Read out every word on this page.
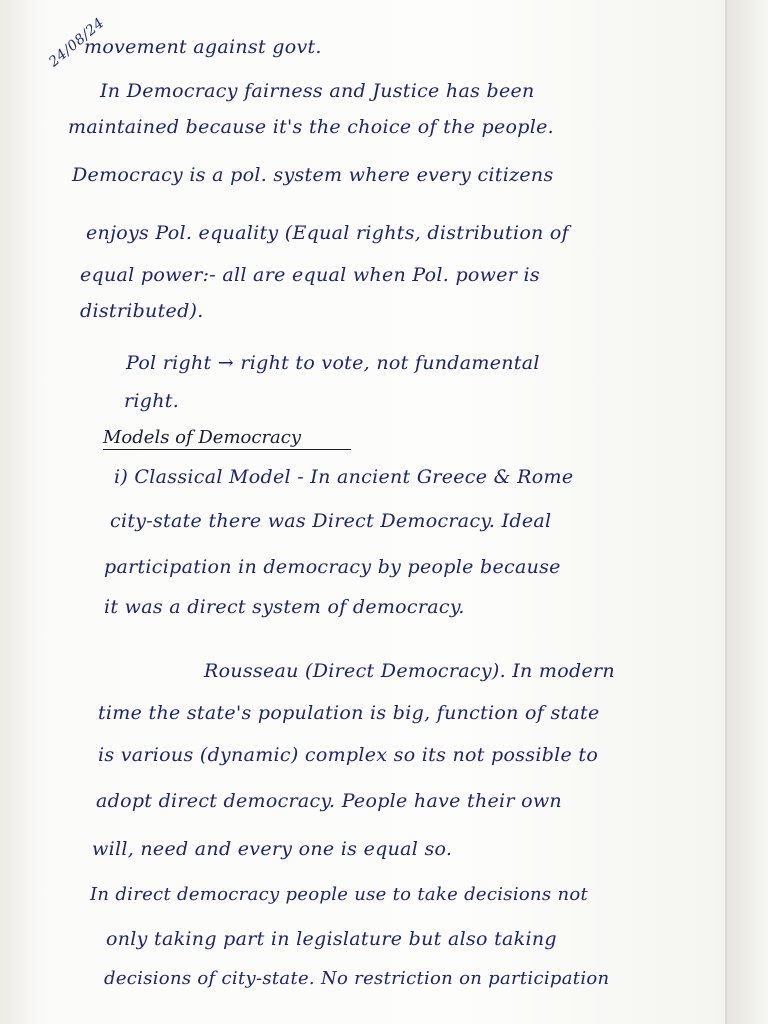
24/08/24
movement against govt.
In Democracy fairness and Justice has been
maintained because it's the choice of the people.
Democracy is a pol. system where every citizens
enjoys Pol. equality (Equal rights, distribution of
equal power:- all are equal when Pol. power is
distributed).
Pol right → right to vote, not fundamental
right.
Models of Democracy
i) Classical Model - In ancient Greece & Rome
city-state there was Direct Democracy. Ideal
participation in democracy by people because
it was a direct system of democracy.
Rousseau (Direct Democracy). In modern
time the state's population is big, function of state
is various (dynamic) complex so its not possible to
adopt direct democracy. People have their own
will, need and every one is equal so.
In direct democracy people use to take decisions not
only taking part in legislature but also taking
decisions of city-state. No restriction on participation
